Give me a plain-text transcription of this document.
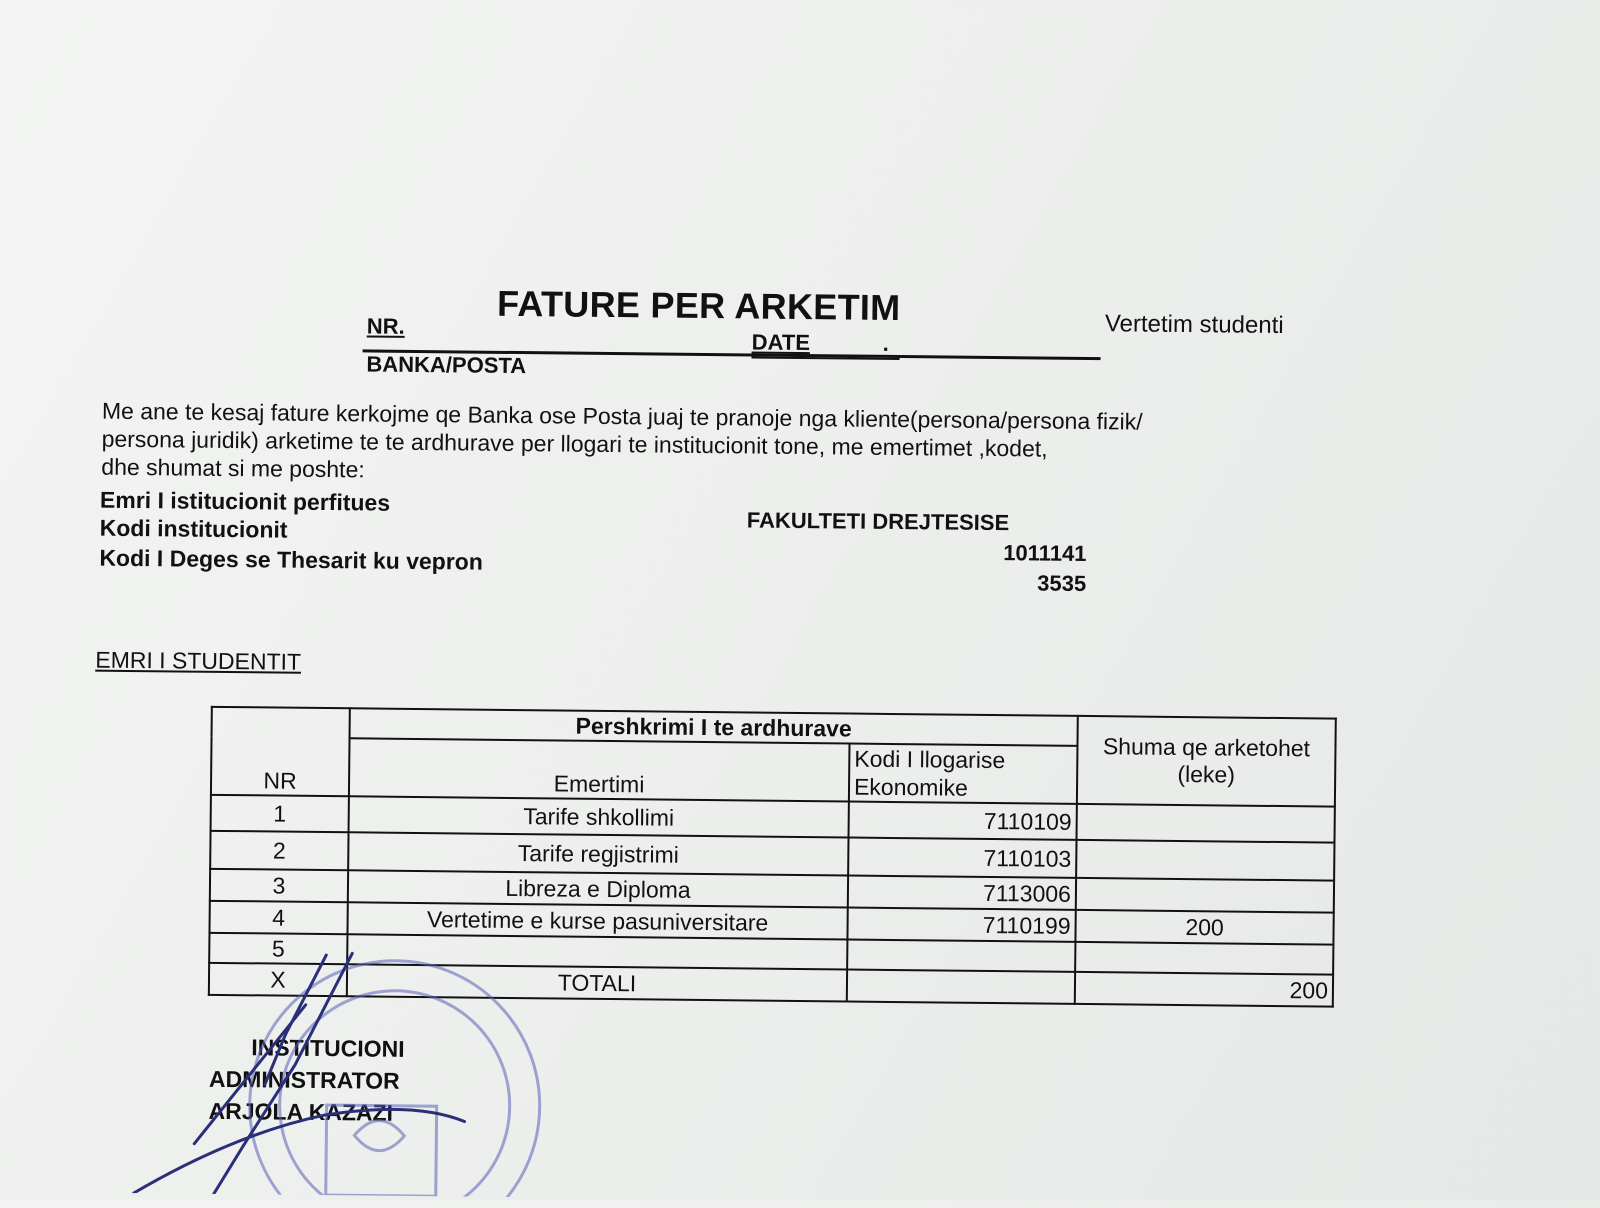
FATURE PER ARKETIM	Vertetim studenti
NR.
DATE	.
BANKA/POSTA
Me ane te kesaj fature kerkojme qe Banka ose Posta juaj te pranoje nga kliente(persona/persona fizik/
persona juridik) arketime te te ardhurave per llogari te institucionit tone, me emertimet ,kodet,
dhe shumat si me poshte:
Emri I istitucionit perfitues
FAKULTETI DREJTESISE
Kodi institucionit
1011141
Kodi I Deges se Thesarit ku vepron
3535
EMRI I STUDENTIT
NR	Pershkrimi I te ardhurave		Shuma qe arketohet
(leke)

	Emertimi	Kodi I llogarise
Ekonomike	

1	Tarife shkollimi	7110109	
2	Tarife regjistrimi	7110103	
3	Libreza e Diploma	7113006	
4	Vertetime e kurse pasuniversitare	7110199	200
5			
X	TOTALI		200
INSTITUCIONI
ADMINISTRATOR
ARJOLA KAZAZI
